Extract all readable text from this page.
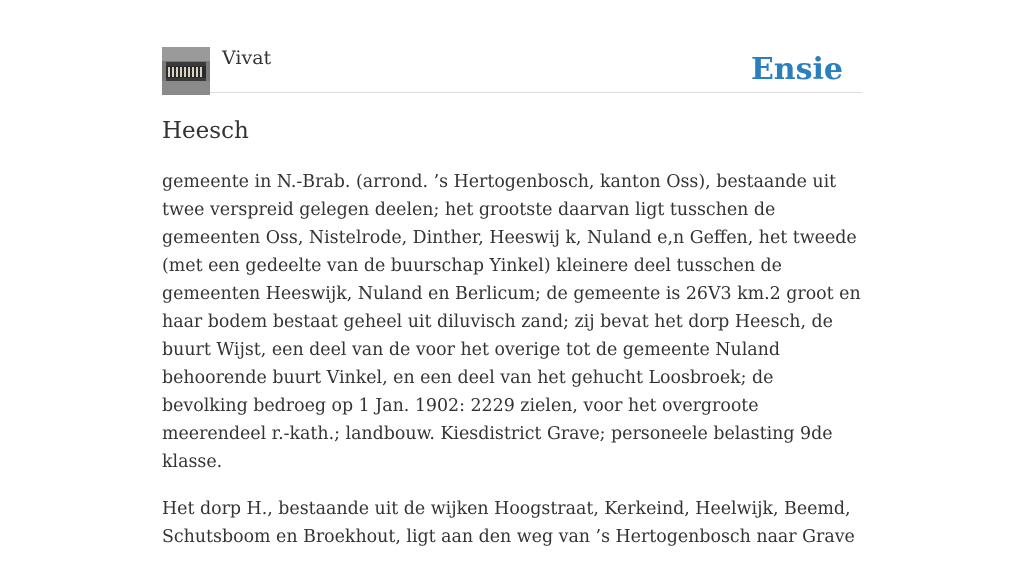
Vivat	Ensie
Heesch

gemeente in N.-Brab. (arrond. ’s Hertogenbosch, kanton Oss), bestaande uit twee verspreid gelegen deelen; het grootste daarvan ligt tusschen de gemeenten Oss, Nistelrode, Dinther, Heeswij k, Nuland e,n Geffen, het tweede (met een gedeelte van de buurschap Yinkel) kleinere deel tusschen de gemeenten Heeswijk, Nuland en Berlicum; de gemeente is 26V3 km.2 groot en haar bodem bestaat geheel uit diluvisch zand; zij bevat het dorp Heesch, de buurt Wijst, een deel van de voor het overige tot de gemeente Nuland behoorende buurt Vinkel, en een deel van het gehucht Loosbroek; de bevolking bedroeg op 1 Jan. 1902: 2229 zielen, voor het overgroote meerendeel r.-kath.; landbouw. Kiesdistrict Grave; personeele belasting 9de klasse.

Het dorp H., bestaande uit de wijken Hoogstraat, Kerkeind, Heelwijk, Beemd, Schutsboom en Broekhout, ligt aan den weg van ’s Hertogenbosch naar Grave
